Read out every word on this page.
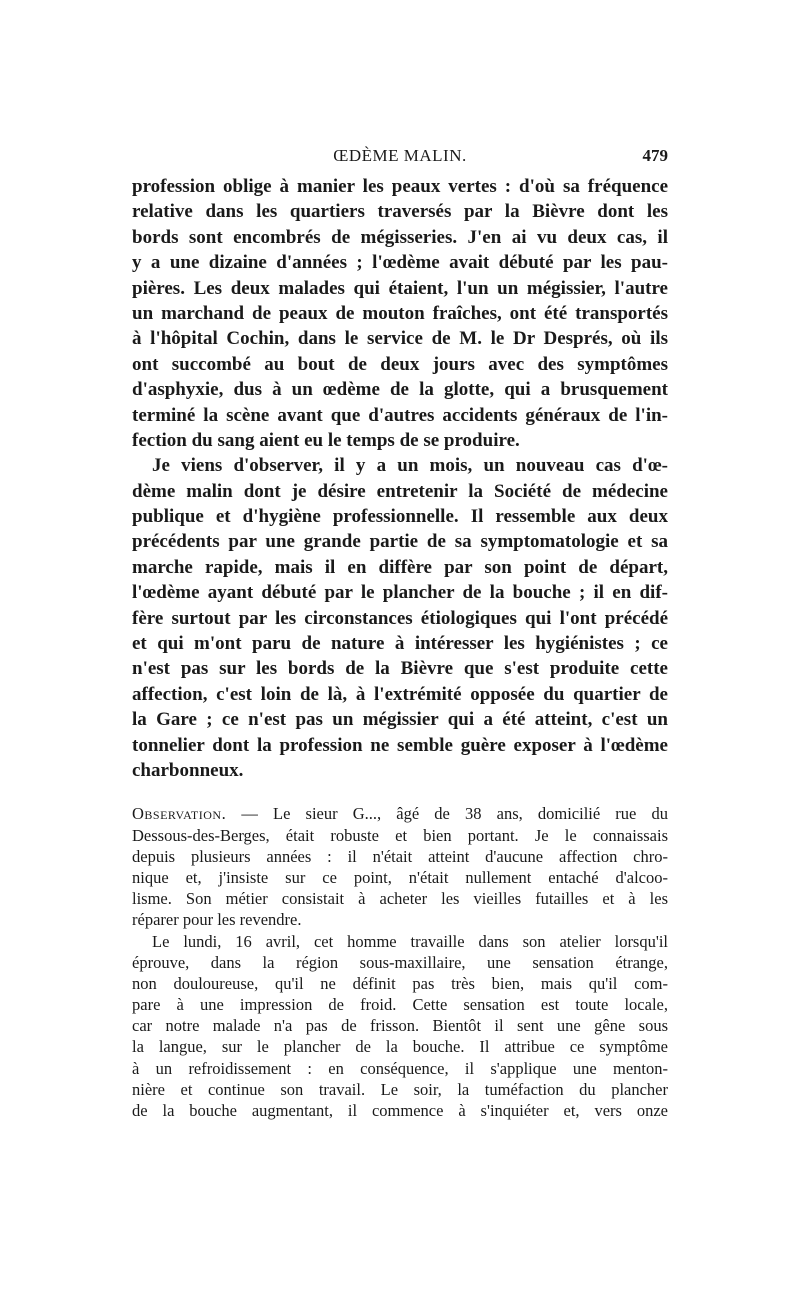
ŒDÈME MALIN.	479

profession oblige à manier les peaux vertes : d'où sa fréquence
relative dans les quartiers traversés par la Bièvre dont les
bords sont encombrés de mégisseries. J'en ai vu deux cas, il
y a une dizaine d'années ; l'œdème avait débuté par les pau-
pières. Les deux malades qui étaient, l'un un mégissier, l'autre
un marchand de peaux de mouton fraîches, ont été transportés
à l'hôpital Cochin, dans le service de M. le Dr Després, où ils
ont succombé au bout de deux jours avec des symptômes
d'asphyxie, dus à un œdème de la glotte, qui a brusquement
terminé la scène avant que d'autres accidents généraux de l'in-
fection du sang aient eu le temps de se produire.

Je viens d'observer, il y a un mois, un nouveau cas d'œ-
dème malin dont je désire entretenir la Société de médecine
publique et d'hygiène professionnelle. Il ressemble aux deux
précédents par une grande partie de sa symptomatologie et sa
marche rapide, mais il en diffère par son point de départ,
l'œdème ayant débuté par le plancher de la bouche ; il en dif-
fère surtout par les circonstances étiologiques qui l'ont précédé
et qui m'ont paru de nature à intéresser les hygiénistes ; ce
n'est pas sur les bords de la Bièvre que s'est produite cette
affection, c'est loin de là, à l'extrémité opposée du quartier de
la Gare ; ce n'est pas un mégissier qui a été atteint, c'est un
tonnelier dont la profession ne semble guère exposer à l'œdème
charbonneux.

Observation. — Le sieur G..., âgé de 38 ans, domicilié rue du
Dessous-des-Berges, était robuste et bien portant. Je le connaissais
depuis plusieurs années : il n'était atteint d'aucune affection chro-
nique et, j'insiste sur ce point, n'était nullement entaché d'alcoo-
lisme. Son métier consistait à acheter les vieilles futailles et à les
réparer pour les revendre.

Le lundi, 16 avril, cet homme travaille dans son atelier lorsqu'il
éprouve, dans la région sous-maxillaire, une sensation étrange,
non douloureuse, qu'il ne définit pas très bien, mais qu'il com-
pare à une impression de froid. Cette sensation est toute locale,
car notre malade n'a pas de frisson. Bientôt il sent une gêne sous
la langue, sur le plancher de la bouche. Il attribue ce symptôme
à un refroidissement : en conséquence, il s'applique une menton-
nière et continue son travail. Le soir, la tuméfaction du plancher
de la bouche augmentant, il commence à s'inquiéter et, vers onze
